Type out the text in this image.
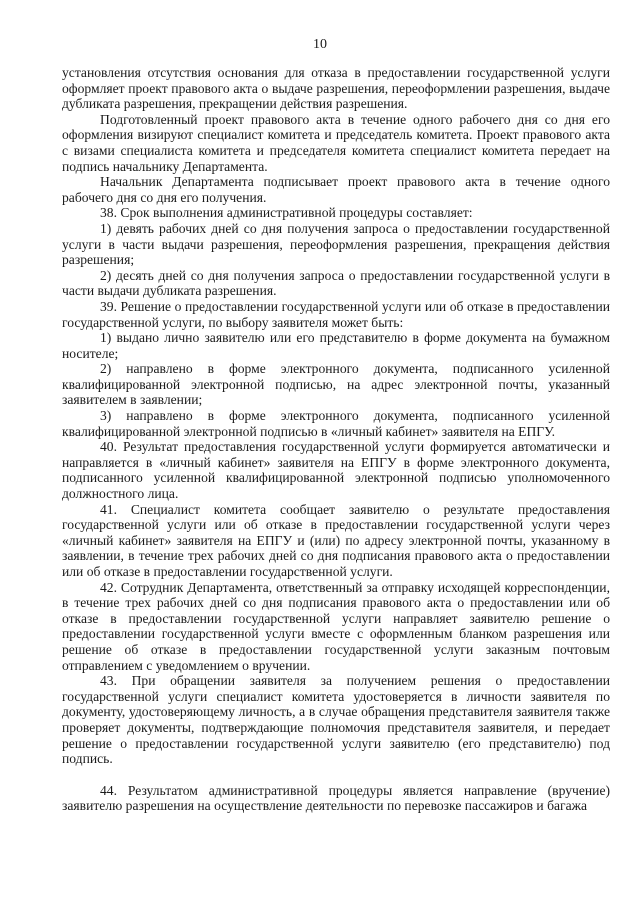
10

установления отсутствия основания для отказа в предоставлении государственной услуги оформляет проект правового акта о выдаче разрешения, переоформлении разрешения, выдаче дубликата разрешения, прекращении действия разрешения.

Подготовленный проект правового акта в течение одного рабочего дня со дня его оформления визируют специалист комитета и председатель комитета. Проект правового акта с визами специалиста комитета и председателя комитета специалист комитета передает на подпись начальнику Департамента.

Начальник Департамента подписывает проект правового акта в течение одного рабочего дня со дня его получения.

38. Срок выполнения административной процедуры составляет:

1) девять рабочих дней со дня получения запроса о предоставлении государственной услуги в части выдачи разрешения, переоформления разрешения, прекращения действия разрешения;

2) десять дней со дня получения запроса о предоставлении государственной услуги в части выдачи дубликата разрешения.

39. Решение о предоставлении государственной услуги или об отказе в предоставлении государственной услуги, по выбору заявителя может быть:

1) выдано лично заявителю или его представителю в форме документа на бумажном носителе;

2) направлено в форме электронного документа, подписанного усиленной квалифицированной электронной подписью, на адрес электронной почты, указанный заявителем в заявлении;

3) направлено в форме электронного документа, подписанного усиленной квалифицированной электронной подписью в «личный кабинет» заявителя на ЕПГУ.

40. Результат предоставления государственной услуги формируется автоматически и направляется в «личный кабинет» заявителя на ЕПГУ в форме электронного документа, подписанного усиленной квалифицированной электронной подписью уполномоченного должностного лица.

41. Специалист комитета сообщает заявителю о результате предоставления государственной услуги или об отказе в предоставлении государственной услуги через «личный кабинет» заявителя на ЕПГУ и (или) по адресу электронной почты, указанному в заявлении, в течение трех рабочих дней со дня подписания правового акта о предоставлении или об отказе в предоставлении государственной услуги.

42. Сотрудник Департамента, ответственный за отправку исходящей корреспонденции, в течение трех рабочих дней со дня подписания правового акта о предоставлении или об отказе в предоставлении государственной услуги направляет заявителю решение о предоставлении государственной услуги вместе с оформленным бланком разрешения или решение об отказе в предоставлении государственной услуги заказным почтовым отправлением с уведомлением о вручении.

43. При обращении заявителя за получением решения о предоставлении государственной услуги специалист комитета удостоверяется в личности заявителя по документу, удостоверяющему личность, а в случае обращения представителя заявителя также проверяет документы, подтверждающие полномочия представителя заявителя, и передает решение о предоставлении государственной услуги заявителю (его представителю) под подпись.

44. Результатом административной процедуры является направление (вручение) заявителю разрешения на осуществление деятельности по перевозке пассажиров и багажа
